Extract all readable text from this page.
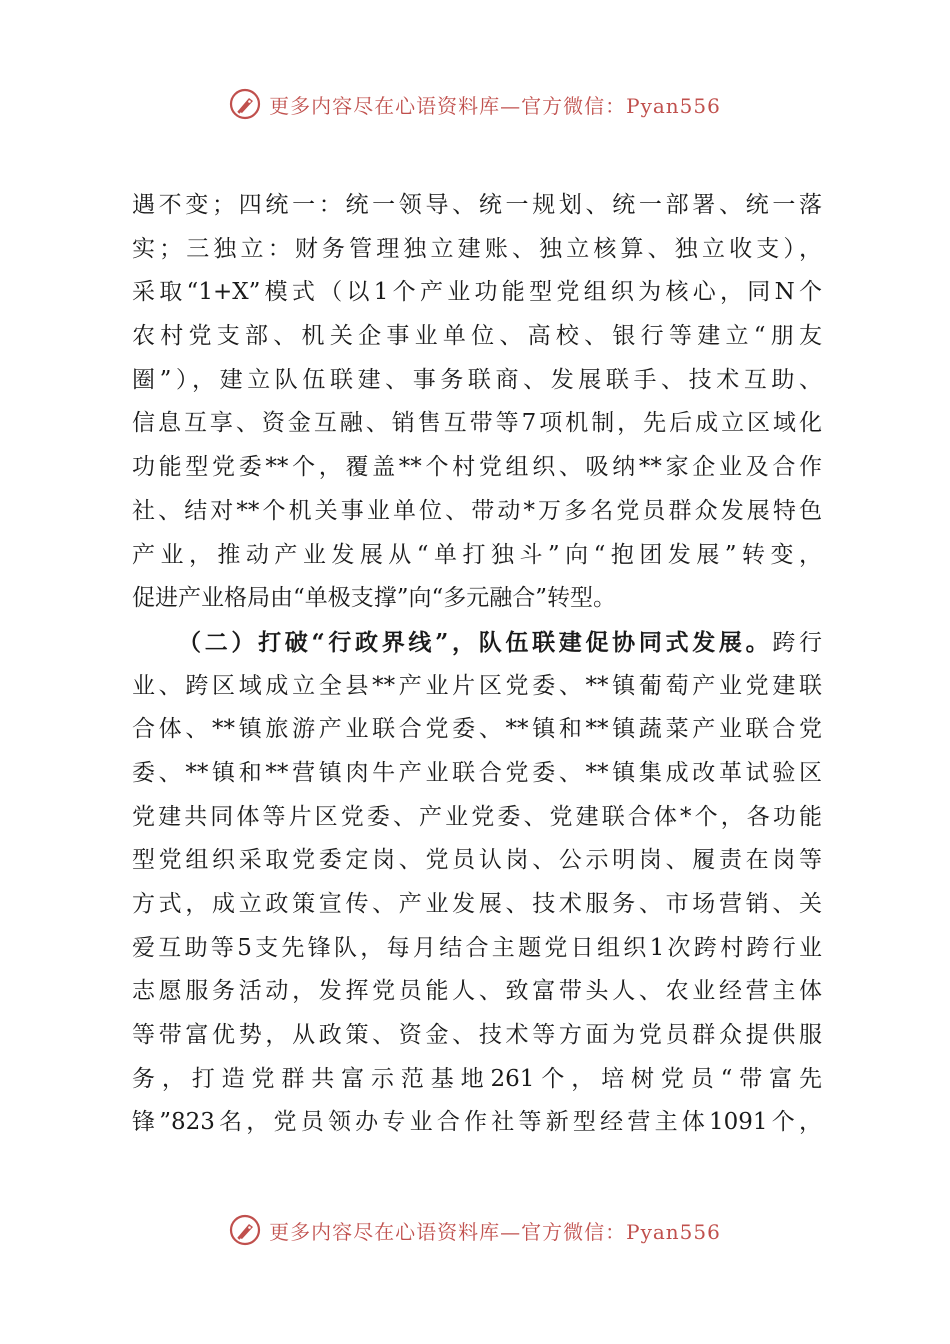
更多内容尽在心语资料库—官方微信：Pyan556
遇不变；四统一：统一领导、统一规划、统一部署、统一落
实；三独立：财务管理独立建账、独立核算、独立收支），
采取“1+X”模式（以1个产业功能型党组织为核心，同N个
农村党支部、机关企事业单位、高校、银行等建立“朋友
圈”），建立队伍联建、事务联商、发展联手、技术互助、
信息互享、资金互融、销售互带等7项机制，先后成立区域化
功能型党委**个，覆盖**个村党组织、吸纳**家企业及合作
社、结对**个机关事业单位、带动*万多名党员群众发展特色
产业，推动产业发展从“单打独斗”向“抱团发展”转变，
促进产业格局由“单极支撑”向“多元融合”转型。
（二）打破“行政界线”，队伍联建促协同式发展。跨行
业、跨区域成立全县**产业片区党委、**镇葡萄产业党建联
合体、**镇旅游产业联合党委、**镇和**镇蔬菜产业联合党
委、**镇和**营镇肉牛产业联合党委、**镇集成改革试验区
党建共同体等片区党委、产业党委、党建联合体*个，各功能
型党组织采取党委定岗、党员认岗、公示明岗、履责在岗等
方式，成立政策宣传、产业发展、技术服务、市场营销、关
爱互助等5支先锋队，每月结合主题党日组织1次跨村跨行业
志愿服务活动，发挥党员能人、致富带头人、农业经营主体
等带富优势，从政策、资金、技术等方面为党员群众提供服
务，打造党群共富示范基地261个，培树党员“带富先
锋”823名，党员领办专业合作社等新型经营主体1091个，
更多内容尽在心语资料库—官方微信：Pyan556
